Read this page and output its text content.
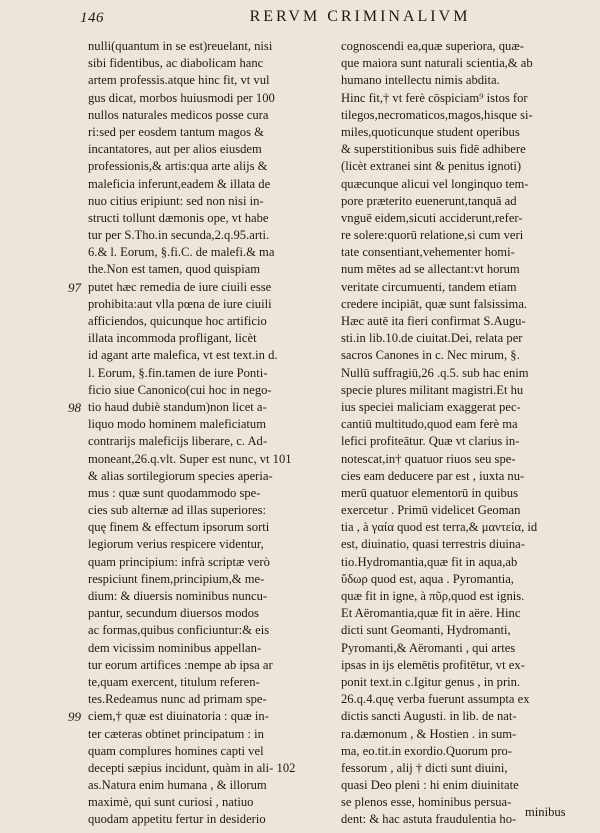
146	RERVM CRIMINALIVM
nulli(quantum in se est)reuelant, nisi
sibi fidentibus, ac diabolicam hanc
artem professis.atque hinc fit, vt vul
gus dicat, morbos huiusmodi per 100
nullos naturales medicos posse cura
ri:sed per eosdem tantum magos &
incantatores, aut per alios eiusdem
professionis,& artis:qua arte alijs &
maleficia inferunt,eadem & illata de
nuo citius eripiunt: sed non nisi in-
structi tollunt dæmonis ope, vt habe
tur per S.Tho.in secunda,2.q.95.arti.
6.& l. Eorum, §.fi.C. de malefi.& ma
the.Non est tamen, quod quispiam
97 putet hæc remedia de iure ciuili esse
prohibita:aut vlla pœna de iure ciuili
afficiendos, quicunque hoc artificio
illata incommoda profligant, licèt
id agant arte malefica, vt est text.in d.
l. Eorum, §.fin.tamen de iure Ponti-
ficio siue Canonico(cui hoc in nego-
98 tio haud dubiè standum)non licet a-
liquo modo hominem maleficiatum
contrarijs maleficijs liberare, c. Ad-
moneant,26.q.vlt. Super est nunc, vt 101
& alias sortilegiorum species aperia-
mus : quæ sunt quodammodo spe-
cies sub alternæ ad illas superiores:
quę finem & effectum ipsorum sorti
legiorum verius respicere videntur,
quam principium: infrà scriptæ verò
respiciunt finem,principium,& me-
dium: & diuersis nominibus nuncu-
pantur, secundum diuersos modos
ac formas,quibus conficiuntur:& eis
dem vicissim nominibus appellan-
tur eorum artifices :nempe ab ipsa ar
te,quam exercent, titulum referen-
tes.Redeamus nunc ad primam spe-
99 ciem,† quæ est diuinatoria : quæ in-
ter cæteras obtinet principatum : in
quam complures homines capti vel
decepti sæpius incidunt, quàm in ali- 102
as.Natura enim humana , & illorum
maximè, qui sunt curiosi , natiuo
quodam appetitu fertur in desiderio
cognoscendi ea,quæ superiora, quæ-
que maiora sunt naturali scientia,& ab
humano intellectu nimis abdita.
Hinc fit,† vt ferè cōspiciam⁹ istos for
tilegos,necromaticos,magos,hisque si-
miles,quoticunque student operibus
& superstitionibus suis fidē adhibere
(licèt extranei sint & penitus ignoti)
quæcunque alicui vel longinquo tem-
pore præterito euenerunt,tanquā ad
vnguē eidem,sicuti acciderunt,refer-
re solere:quorū relatione,si cum veri
tate consentiant,vehementer homi-
num mētes ad se allectant:vt horum
veritate circumuenti, tandem etiam
credere incipiāt, quæ sunt falsissima.
Hæc autē ita fieri confirmat S.Augu-
sti.in lib.10.de ciuitat.Dei, relata per
sacros Canones in c. Nec mirum, §.
Nullū suffragiū,26 .q.5. sub hac enim
specie plures militant magistri.Et hu
ius speciei maliciam exaggerat pec-
cantiū multitudo,quod eam ferè ma
lefici profiteātur. Quæ vt clarius in-
notescat,in† quatuor riuos seu spe-
cies eam deducere par est , iuxta nu-
merū quatuor elementorū in quibus
exercetur . Primū videlicet Geoman
tia , à γαία quod est terra,& μαντεία, id
est, diuinatio, quasi terrestris diuina-
tio.Hydromantia,quæ fit in aqua,ab
ὕδωρ quod est, aqua . Pyromantia,
quæ fit in igne, à πῦρ,quod est ignis.
Et Aëromantia,quæ fit in aëre. Hinc
dicti sunt Geomanti, Hydromanti,
Pyromanti,& Aëromanti , qui artes
ipsas in ijs elemētis profitētur, vt ex-
ponit text.in c.Igitur genus , in prin.
26.q.4.quę verba fuerunt assumpta ex
dictis sancti Augusti. in lib. de nat-
ra.dæmonum , & Hostien . in sum-
ma, eo.tit.in exordio.Quorum pro-
fessorum , alij † dicti sunt diuini,
quasi Deo pleni : hi enim diuinitate
se plenos esse, hominibus persua-
dent: & hac astuta fraudulentia ho-
minibus
